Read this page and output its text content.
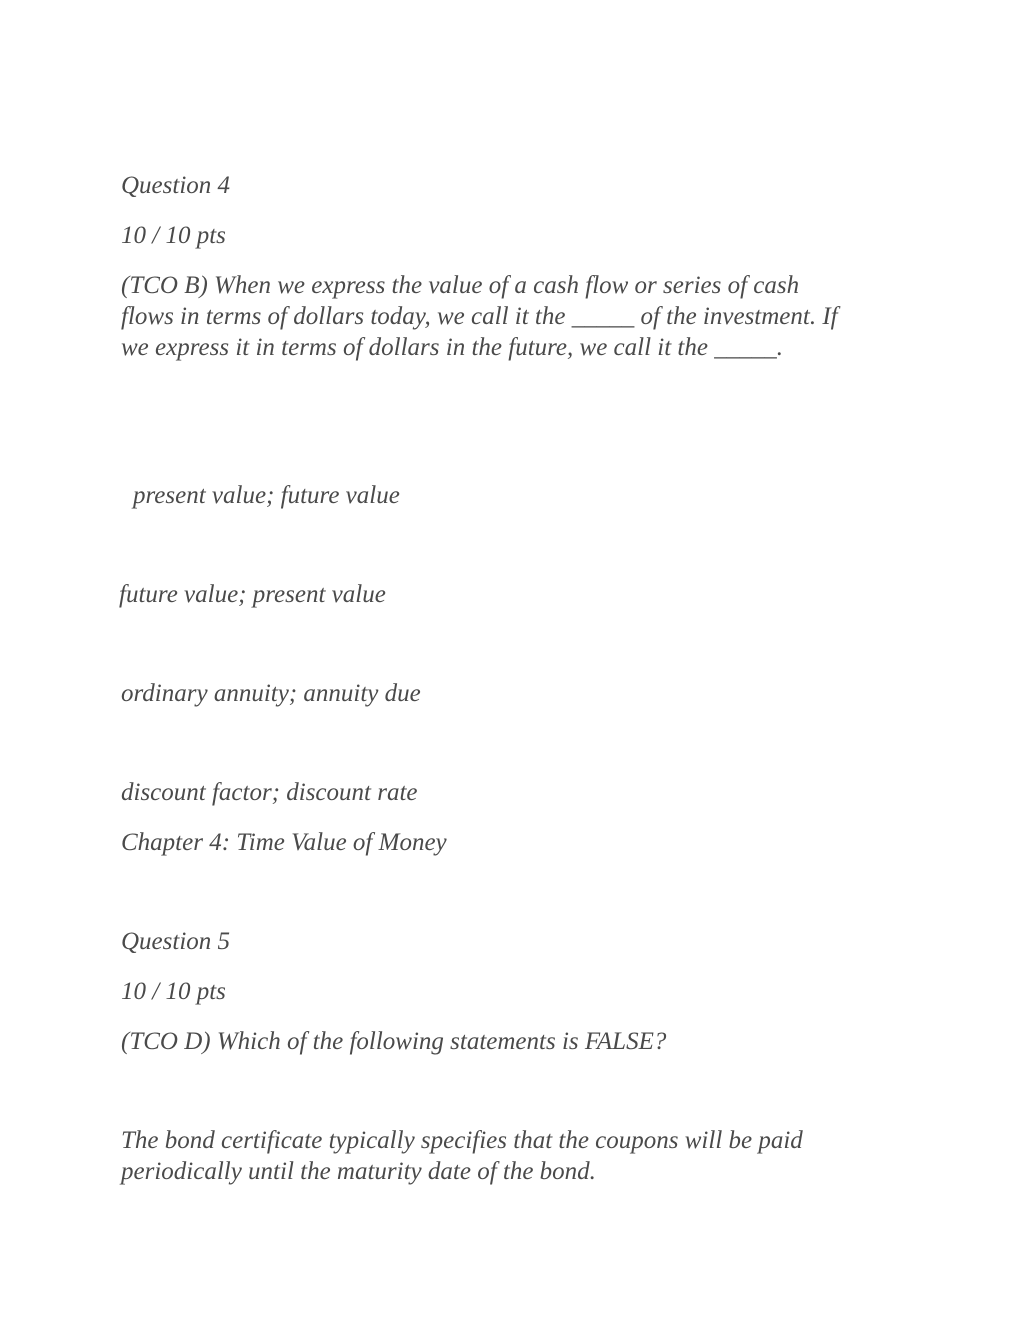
Question 4
10 / 10 pts
(TCO B) When we express the value of a cash flow or series of cash
flows in terms of dollars today, we call it the _____ of the investment. If
we express it in terms of dollars in the future, we call it the _____.
present value; future value
future value; present value
ordinary annuity; annuity due
discount factor; discount rate
Chapter 4: Time Value of Money
Question 5
10 / 10 pts
(TCO D) Which of the following statements is FALSE?
The bond certificate typically specifies that the coupons will be paid
periodically until the maturity date of the bond.
